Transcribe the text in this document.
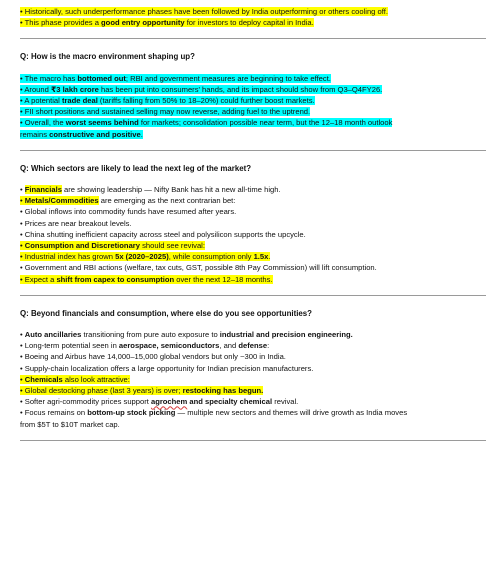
• Historically, such underperformance phases have been followed by India outperforming or others cooling off.
• This phase provides a good entry opportunity for investors to deploy capital in India.
Q: How is the macro environment shaping up?
• The macro has bottomed out; RBI and government measures are beginning to take effect.
• Around ₹3 lakh crore has been put into consumers' hands, and its impact should show from Q3–Q4FY26.
• A potential trade deal (tariffs falling from 50% to 18–20%) could further boost markets.
• FII short positions and sustained selling may now reverse, adding fuel to the uptrend.
• Overall, the worst seems behind for markets; consolidation possible near term, but the 12–18 month outlook
remains constructive and positive.
Q: Which sectors are likely to lead the next leg of the market?
• Financials are showing leadership — Nifty Bank has hit a new all-time high.
• Metals/Commodities are emerging as the next contrarian bet:
• Global inflows into commodity funds have resumed after years.
• Prices are near breakout levels.
• China shutting inefficient capacity across steel and polysilicon supports the upcycle.
• Consumption and Discretionary should see revival:
• Industrial index has grown 5x (2020–2025), while consumption only 1.5x.
• Government and RBI actions (welfare, tax cuts, GST, possible 8th Pay Commission) will lift consumption.
• Expect a shift from capex to consumption over the next 12–18 months.
Q: Beyond financials and consumption, where else do you see opportunities?
• Auto ancillaries transitioning from pure auto exposure to industrial and precision engineering.
• Long-term potential seen in aerospace, semiconductors, and defense:
• Boeing and Airbus have 14,000–15,000 global vendors but only ~300 in India.
• Supply-chain localization offers a large opportunity for Indian precision manufacturers.
• Chemicals also look attractive:
• Global destocking phase (last 3 years) is over; restocking has begun.
• Softer agri-commodity prices support agrochem and specialty chemical revival.
• Focus remains on bottom-up stock picking — multiple new sectors and themes will drive growth as India moves
from $5T to $10T market cap.
